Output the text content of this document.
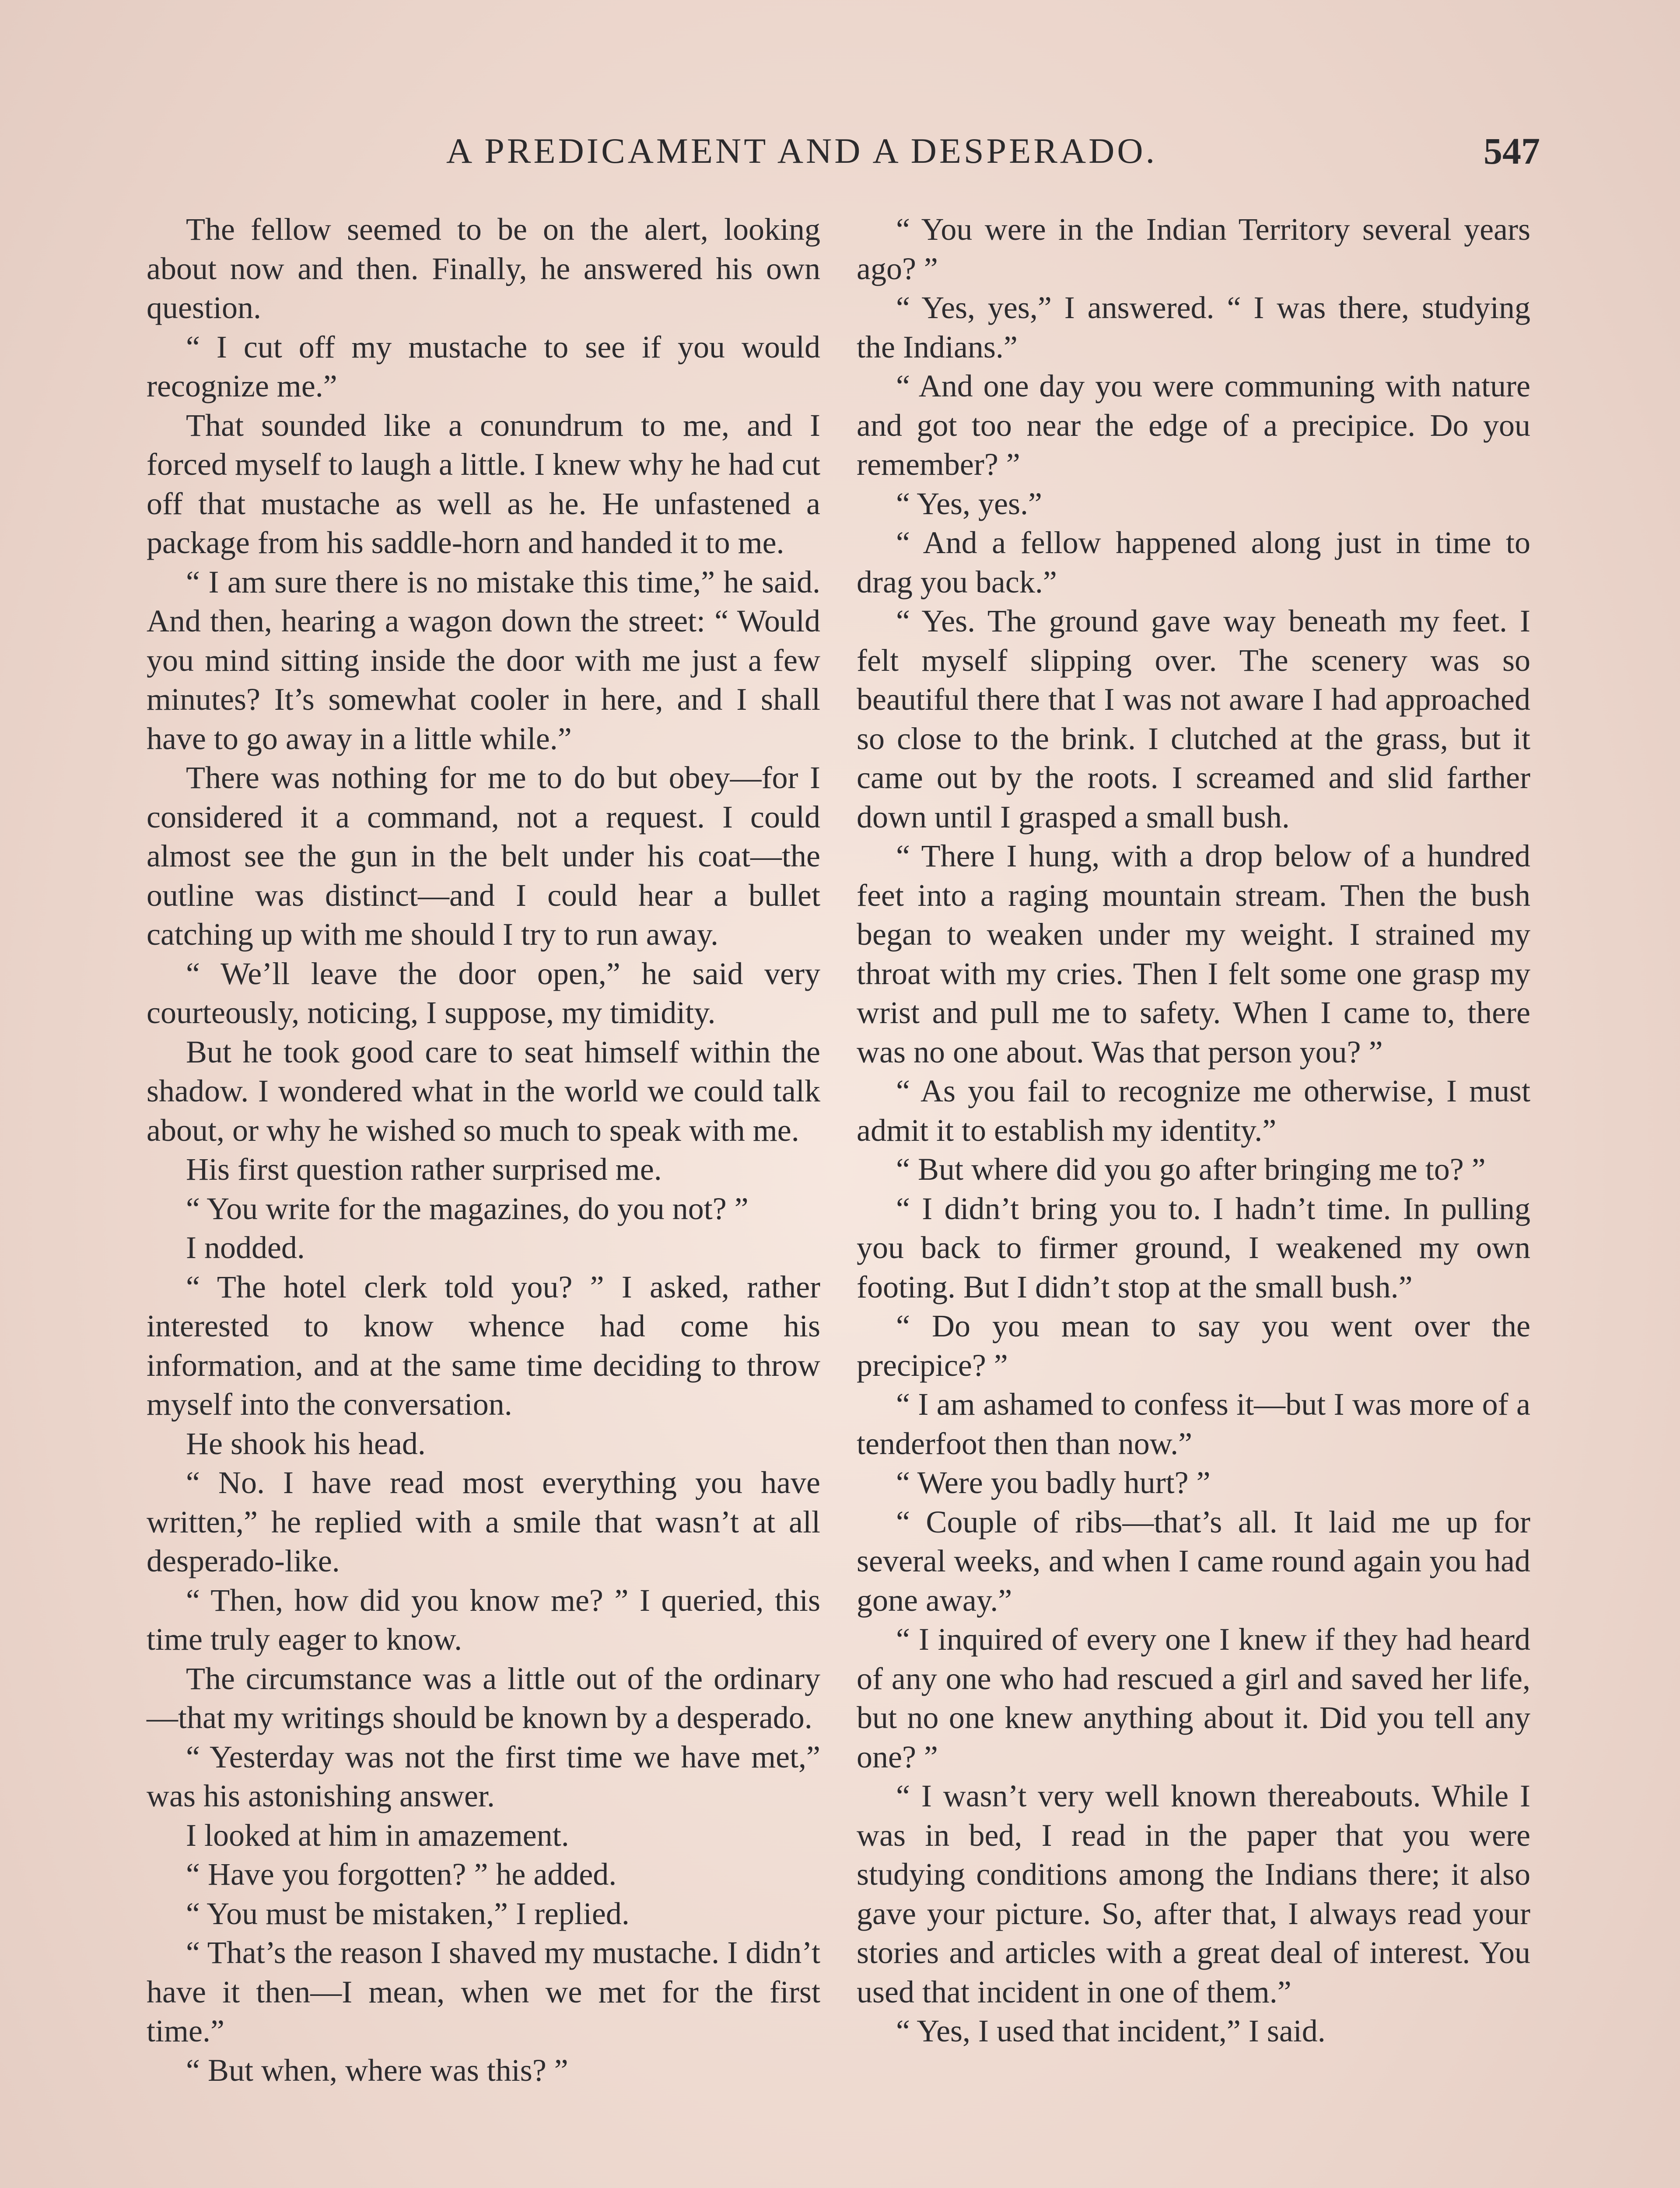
A PREDICAMENT AND A DESPERADO.	547

The fellow seemed to be on the alert, looking about now and then. Finally, he answered his own question.

“ I cut off my mustache to see if you would recognize me.”

That sounded like a conundrum to me, and I forced myself to laugh a little. I knew why he had cut off that mustache as well as he. He unfastened a package from his saddle-horn and handed it to me.

“ I am sure there is no mistake this time,” he said. And then, hearing a wagon down the street: “ Would you mind sitting inside the door with me just a few minutes? It’s somewhat cooler in here, and I shall have to go away in a little while.”

There was nothing for me to do but obey—for I considered it a command, not a request. I could almost see the gun in the belt under his coat—the outline was distinct—and I could hear a bullet catching up with me should I try to run away.

“ We’ll leave the door open,” he said very courteously, noticing, I suppose, my timidity.

But he took good care to seat himself within the shadow. I wondered what in the world we could talk about, or why he wished so much to speak with me.

His first question rather surprised me.

“ You write for the magazines, do you not? ”

I nodded.

“ The hotel clerk told you? ” I asked, rather interested to know whence had come his information, and at the same time deciding to throw myself into the conversation.

He shook his head.

“ No. I have read most everything you have written,” he replied with a smile that wasn’t at all desperado-like.

“ Then, how did you know me? ” I queried, this time truly eager to know.

The circumstance was a little out of the ordinary—that my writings should be known by a desperado.

“ Yesterday was not the first time we have met,” was his astonishing answer.

I looked at him in amazement.

“ Have you forgotten? ” he added.

“ You must be mistaken,” I replied.

“ That’s the reason I shaved my mustache. I didn’t have it then—I mean, when we met for the first time.”

“ But when, where was this? ”

“ You were in the Indian Territory several years ago? ”

“ Yes, yes,” I answered. “ I was there, studying the Indians.”

“ And one day you were communing with nature and got too near the edge of a precipice. Do you remember? ”

“ Yes, yes.”

“ And a fellow happened along just in time to drag you back.”

“ Yes. The ground gave way beneath my feet. I felt myself slipping over. The scenery was so beautiful there that I was not aware I had approached so close to the brink. I clutched at the grass, but it came out by the roots. I screamed and slid farther down until I grasped a small bush.

“ There I hung, with a drop below of a hundred feet into a raging mountain stream. Then the bush began to weaken under my weight. I strained my throat with my cries. Then I felt some one grasp my wrist and pull me to safety. When I came to, there was no one about. Was that person you? ”

“ As you fail to recognize me otherwise, I must admit it to establish my identity.”

“ But where did you go after bringing me to? ”

“ I didn’t bring you to. I hadn’t time. In pulling you back to firmer ground, I weakened my own footing. But I didn’t stop at the small bush.”

“ Do you mean to say you went over the precipice? ”

“ I am ashamed to confess it—but I was more of a tenderfoot then than now.”

“ Were you badly hurt? ”

“ Couple of ribs—that’s all. It laid me up for several weeks, and when I came round again you had gone away.”

“ I inquired of every one I knew if they had heard of any one who had rescued a girl and saved her life, but no one knew anything about it. Did you tell any one? ”

“ I wasn’t very well known thereabouts. While I was in bed, I read in the paper that you were studying conditions among the Indians there; it also gave your picture. So, after that, I always read your stories and articles with a great deal of interest. You used that incident in one of them.”

“ Yes, I used that incident,” I said.
